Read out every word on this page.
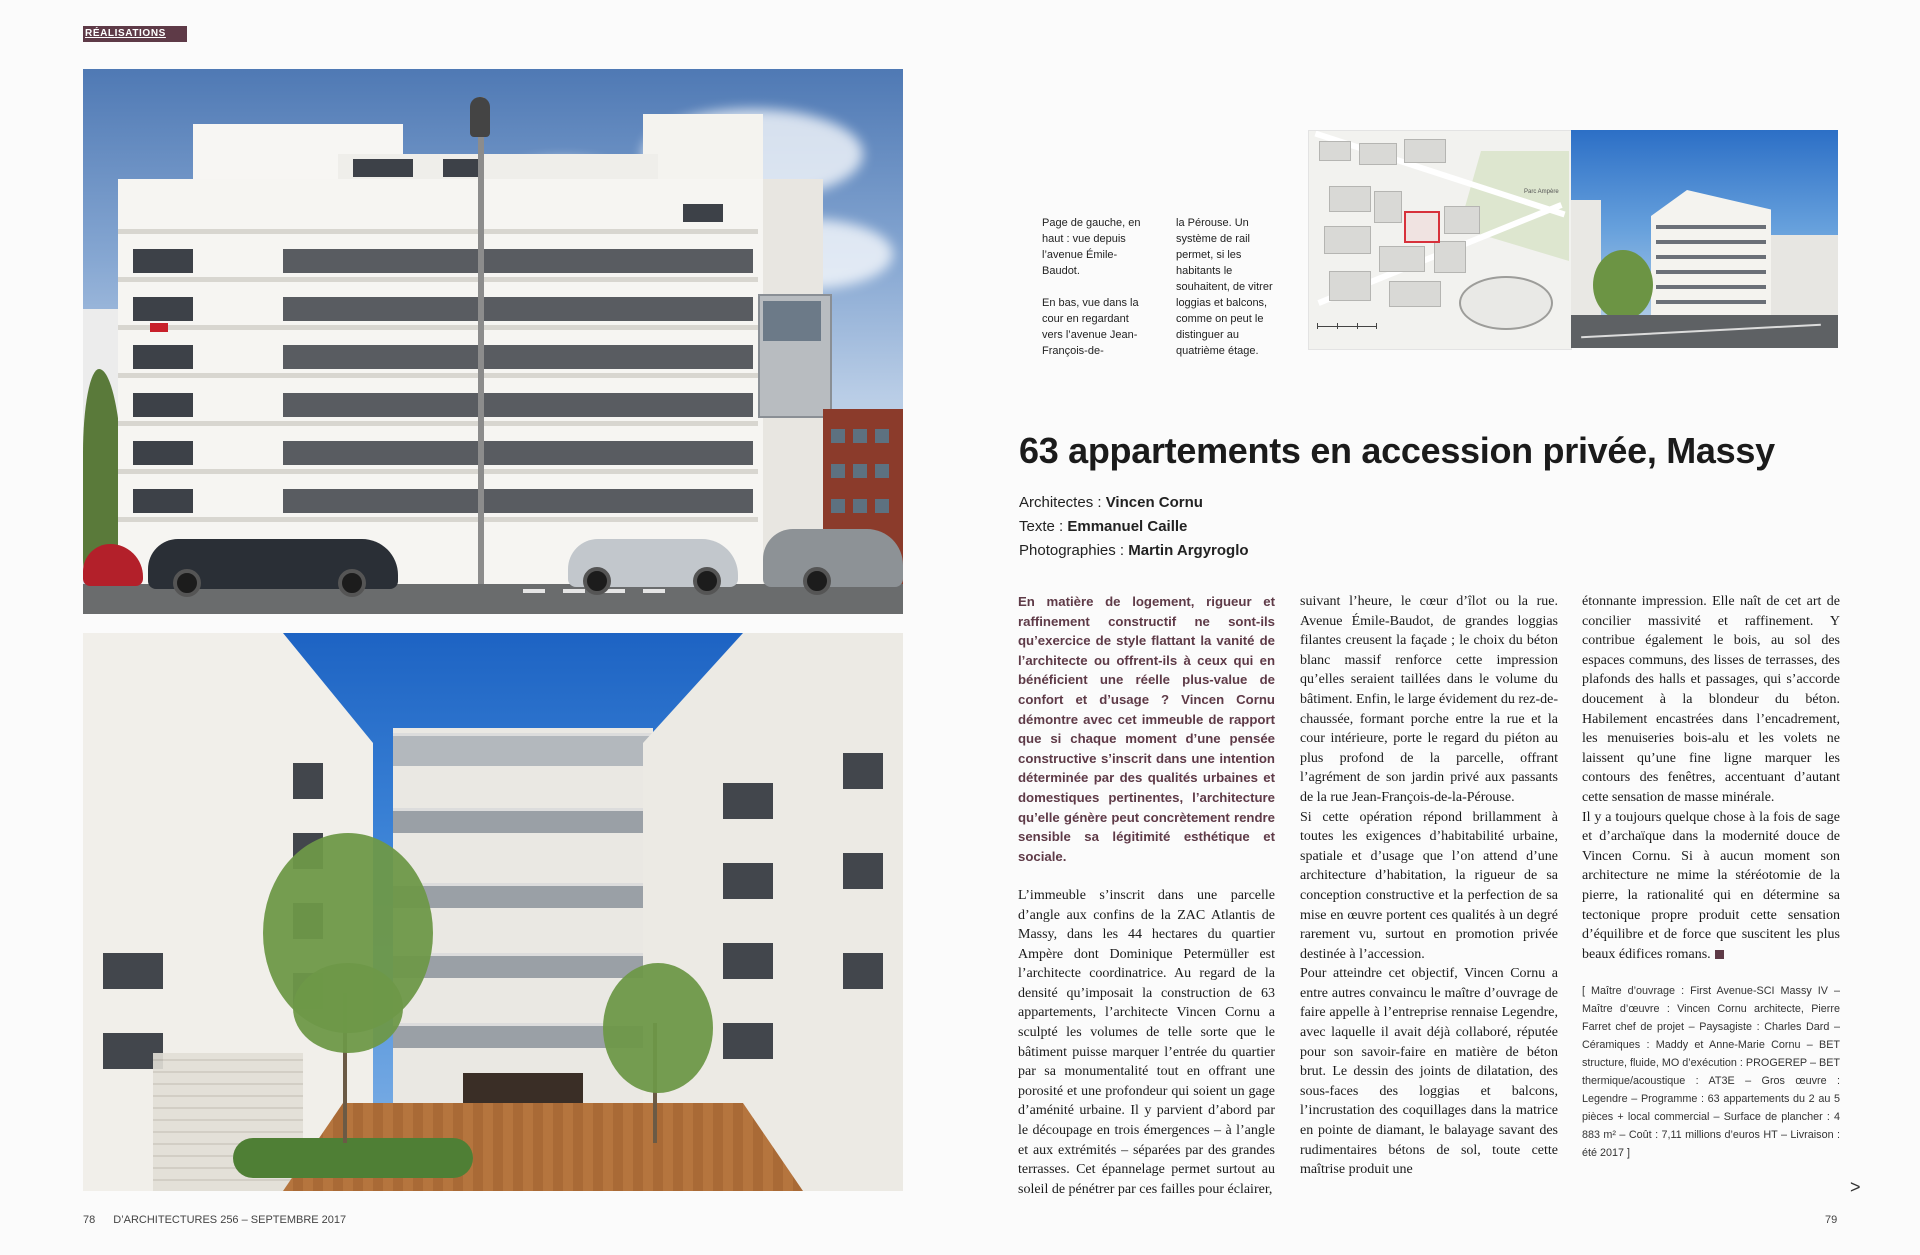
RÉALISATIONS

Page de gauche, en haut : vue depuis l’avenue Émile-Baudot.

En bas, vue dans la cour en regardant vers l’avenue Jean-François-de-

la Pérouse. Un système de rail permet, si les habitants le souhaitent, de vitrer loggias et balcons, comme on peut le distinguer au quatrième étage.

Parc Ampère
63 appartements en accession privée, Massy
Architectes : Vincen Cornu
Texte : Emmanuel Caille
Photographies : Martin Argyroglo

En matière de logement, rigueur et raffinement constructif ne sont-ils qu’exercice de style flattant la vanité de l’architecte ou offrent-ils à ceux qui en bénéficient une réelle plus-value de confort et d’usage ? Vincen Cornu démontre avec cet immeuble de rapport que si chaque moment d’une pensée constructive s’inscrit dans une intention déterminée par des qualités urbaines et domestiques pertinentes, l’architecture qu’elle génère peut concrètement rendre sensible sa légitimité esthétique et sociale.

L’immeuble s’inscrit dans une parcelle d’angle aux confins de la ZAC Atlantis de Massy, dans les 44 hectares du quartier Ampère dont Dominique Petermüller est l’architecte coordinatrice. Au regard de la densité qu’imposait la construction de 63 appartements, l’architecte Vincen Cornu a sculpté les volumes de telle sorte que le bâtiment puisse marquer l’entrée du quartier par sa monumentalité tout en offrant une porosité et une profondeur qui soient un gage d’aménité urbaine. Il y parvient d’abord par le découpage en trois émergences – à l’angle et aux extrémités – séparées par des grandes terrasses. Cet épannelage permet surtout au soleil de pénétrer par ces failles pour éclairer,

suivant l’heure, le cœur d’îlot ou la rue. Avenue Émile-Baudot, de grandes loggias filantes creusent la façade ; le choix du béton blanc massif renforce cette impression qu’elles seraient taillées dans le volume du bâtiment. Enfin, le large évidement du rez-de-chaussée, formant porche entre la rue et la cour intérieure, porte le regard du piéton au plus profond de la parcelle, offrant l’agrément de son jardin privé aux passants de la rue Jean-François-de-la-Pérouse.

Si cette opération répond brillamment à toutes les exigences d’habitabilité urbaine, spatiale et d’usage que l’on attend d’une architecture d’habitation, la rigueur de sa conception constructive et la perfection de sa mise en œuvre portent ces qualités à un degré rarement vu, surtout en promotion privée destinée à l’accession.

Pour atteindre cet objectif, Vincen Cornu a entre autres convaincu le maître d’ouvrage de faire appelle à l’entreprise rennaise Legendre, avec laquelle il avait déjà collaboré, réputée pour son savoir-faire en matière de béton brut. Le dessin des joints de dilatation, des sous-faces des loggias et balcons, l’incrustation des coquillages dans la matrice en pointe de diamant, le balayage savant des rudimentaires bétons de sol, toute cette maîtrise produit une

étonnante impression. Elle naît de cet art de concilier massivité et raffinement. Y contribue également le bois, au sol des espaces communs, des lisses de terrasses, des plafonds des halls et passages, qui s’accorde doucement à la blondeur du béton. Habilement encastrées dans l’encadrement, les menuiseries bois-alu et les volets ne laissent qu’une fine ligne marquer les contours des fenêtres, accentuant d’autant cette sensation de masse minérale.

Il y a toujours quelque chose à la fois de sage et d’archaïque dans la modernité douce de Vincen Cornu. Si à aucun moment son architecture ne mime la stéréotomie de la pierre, la rationalité qui en détermine sa tectonique propre produit cette sensation d’équilibre et de force que suscitent les plus beaux édifices romans.

[ Maître d’ouvrage : First Avenue-SCI Massy IV – Maître d’œuvre : Vincen Cornu architecte, Pierre Farret chef de projet – Paysagiste : Charles Dard – Céramiques : Maddy et Anne-Marie Cornu – BET structure, fluide, MO d’exécution : PROGEREP – BET thermique/acoustique : AT3E – Gros œuvre : Legendre – Programme : 63 appartements du 2 au 5 pièces + local commercial – Surface de plancher : 4 883 m² – Coût : 7,11 millions d’euros HT – Livraison : été 2017 ]

78 D’ARCHITECTURES 256 – SEPTEMBRE 2017	79
>
